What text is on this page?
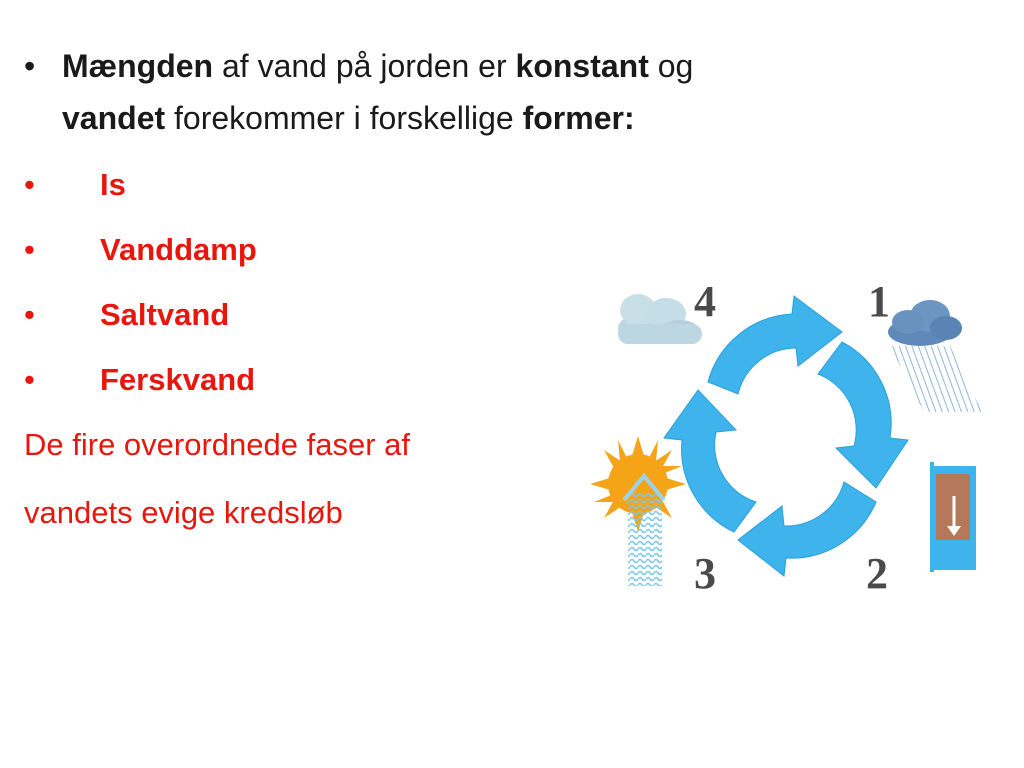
• Mængden af vand på jorden er konstant og
vandet forekommer i forskellige former:
• Is
• Vanddamp
• Saltvand
• Ferskvand
De fire overordnede faser af
vandets evige kredsløb
1
2
3
4
